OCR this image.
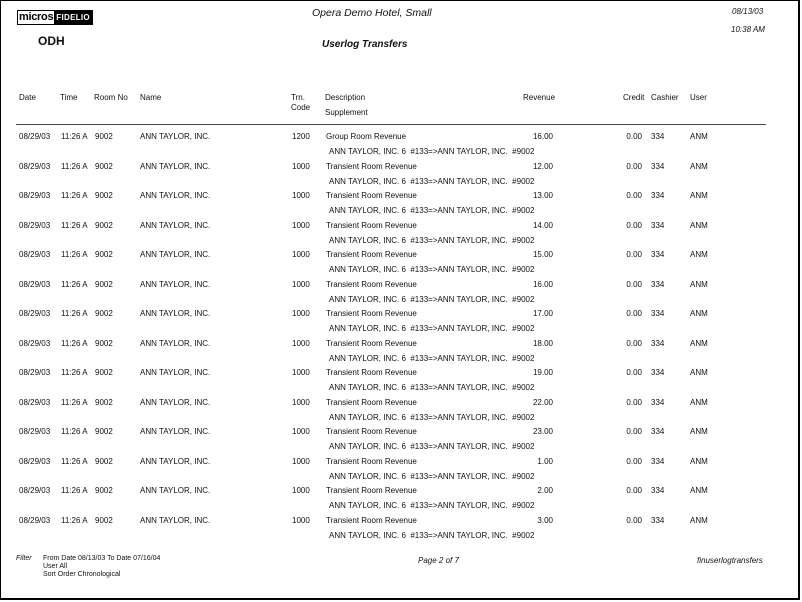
micros FIDELIO
ODH
Opera Demo Hotel, Small
Userlog Transfers
08/13/03
10:38 AM
Date	Time Room No Name	Trn.
Code
Description
Supplement
Revenue	Credit Cashier User
08/29/03 11:26 A 9002	ANN TAYLOR, INC.	1200 Group Room Revenue	16.00	0.00 334	ANM
ANN TAYLOR, INC. 6  #133=>ANN TAYLOR, INC.  #9002
08/29/03 11:26 A 9002	ANN TAYLOR, INC.	1000 Transient Room Revenue	12.00	0.00 334	ANM
ANN TAYLOR, INC. 6  #133=>ANN TAYLOR, INC.  #9002
08/29/03 11:26 A 9002	ANN TAYLOR, INC.	1000 Transient Room Revenue	13.00	0.00 334	ANM
ANN TAYLOR, INC. 6  #133=>ANN TAYLOR, INC.  #9002
08/29/03 11:26 A 9002	ANN TAYLOR, INC.	1000 Transient Room Revenue	14.00	0.00 334	ANM
ANN TAYLOR, INC. 6  #133=>ANN TAYLOR, INC.  #9002
08/29/03 11:26 A 9002	ANN TAYLOR, INC.	1000 Transient Room Revenue	15.00	0.00 334	ANM
ANN TAYLOR, INC. 6  #133=>ANN TAYLOR, INC.  #9002
08/29/03 11:26 A 9002	ANN TAYLOR, INC.	1000 Transient Room Revenue	16.00	0.00 334	ANM
ANN TAYLOR, INC. 6  #133=>ANN TAYLOR, INC.  #9002
08/29/03 11:26 A 9002	ANN TAYLOR, INC.	1000 Transient Room Revenue	17.00	0.00 334	ANM
ANN TAYLOR, INC. 6  #133=>ANN TAYLOR, INC.  #9002
08/29/03 11:26 A 9002	ANN TAYLOR, INC.	1000 Transient Room Revenue	18.00	0.00 334	ANM
ANN TAYLOR, INC. 6  #133=>ANN TAYLOR, INC.  #9002
08/29/03 11:26 A 9002	ANN TAYLOR, INC.	1000 Transient Room Revenue	19.00	0.00 334	ANM
ANN TAYLOR, INC. 6  #133=>ANN TAYLOR, INC.  #9002
08/29/03 11:26 A 9002	ANN TAYLOR, INC.	1000 Transient Room Revenue	22.00	0.00 334	ANM
ANN TAYLOR, INC. 6  #133=>ANN TAYLOR, INC.  #9002
08/29/03 11:26 A 9002	ANN TAYLOR, INC.	1000 Transient Room Revenue	23.00	0.00 334	ANM
ANN TAYLOR, INC. 6  #133=>ANN TAYLOR, INC.  #9002
08/29/03 11:26 A 9002	ANN TAYLOR, INC.	1000 Transient Room Revenue	1.00	0.00 334	ANM
ANN TAYLOR, INC. 6  #133=>ANN TAYLOR, INC.  #9002
08/29/03 11:26 A 9002	ANN TAYLOR, INC.	1000 Transient Room Revenue	2.00	0.00 334	ANM
ANN TAYLOR, INC. 6  #133=>ANN TAYLOR, INC.  #9002
08/29/03 11:26 A 9002	ANN TAYLOR, INC.	1000 Transient Room Revenue	3.00	0.00 334	ANM
ANN TAYLOR, INC. 6  #133=>ANN TAYLOR, INC.  #9002
Filter From Date 08/13/03 To Date 07/16/04
User All
Sort Order Chronological
Page 2 of 7	finuserlogtransfers
